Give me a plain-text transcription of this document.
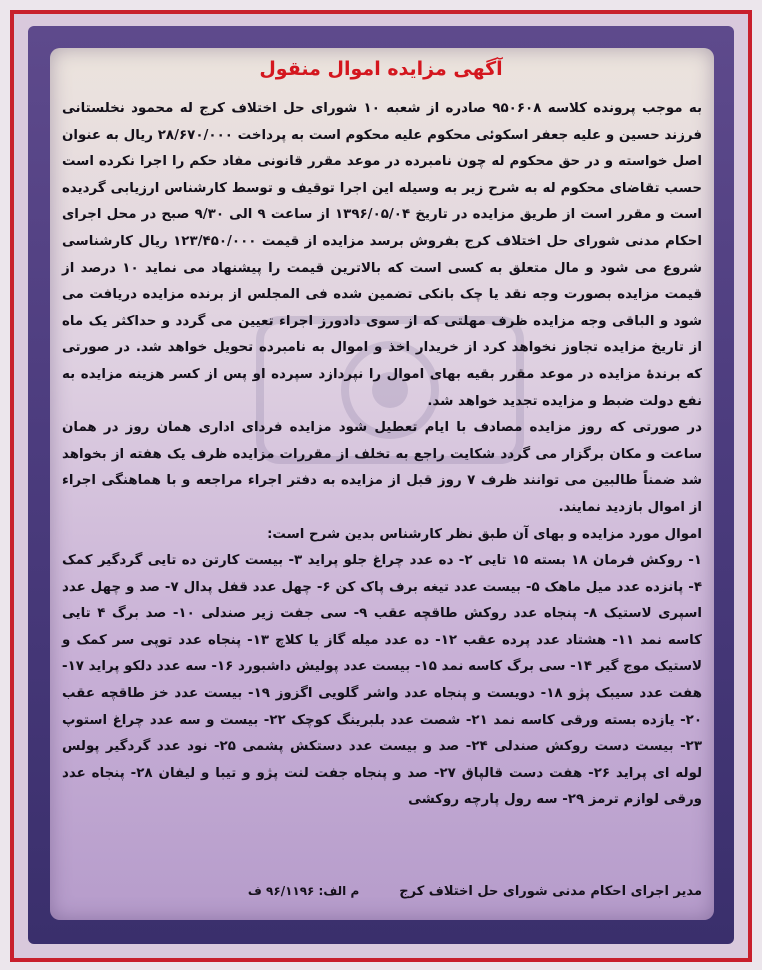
آگهی مزایده اموال منقول

به موجب پرونده کلاسه ۹۵۰۶۰۸ صادره از شعبه ۱۰ شورای حل اختلاف کرج له محمود نخلستانی فرزند حسین و علیه جعفر اسکوئی محکوم علیه محکوم است به پرداخت ۲۸/۶۷۰/۰۰۰ ریال به عنوان اصل خواسته و در حق محکوم له چون نامبرده در موعد مقرر قانونی مفاد حکم را اجرا نکرده است حسب تقاضای محکوم له به شرح زیر به وسیله این اجرا توقیف و توسط کارشناس ارزیابی گردیده است و مقرر است از طریق مزایده در تاریخ ۱۳۹۶/۰۵/۰۴ از ساعت ۹ الی ۹/۳۰ صبح در محل اجرای احکام مدنی شورای حل اختلاف کرج بفروش برسد مزایده از قیمت ۱۲۳/۴۵۰/۰۰۰ ریال کارشناسی شروع می شود و مال متعلق به کسی است که بالاترین قیمت را پیشنهاد می نماید ۱۰ درصد از قیمت مزایده بصورت وجه نقد یا چک بانکی تضمین شده فی المجلس از برنده مزایده دریافت می شود و الباقی وجه مزایده ظرف مهلتی که از سوی دادورز اجراء تعیین می گردد و حداکثر یک ماه از تاریخ مزایده تجاوز نخواهد کرد از خریدار اخذ و اموال به نامبرده تحویل خواهد شد. در صورتی که برندهٔ مزایده در موعد مقرر بقیه بهای اموال را نپردازد سپرده او پس از کسر هزینه مزایده به نفع دولت ضبط و مزایده تجدید خواهد شد.

در صورتی که روز مزایده مصادف با ایام تعطیل شود مزایده فردای اداری همان روز در همان ساعت و مکان برگزار می گردد شکایت راجع به تخلف از مقررات مزایده ظرف یک هفته از بخواهد شد ضمناً طالبین می توانند ظرف ۷ روز قبل از مزایده به دفتر اجراء مراجعه و با هماهنگی اجراء از اموال بازدید نمایند.

اموال مورد مزایده و بهای آن طبق نظر کارشناس بدین شرح است:

۱- روکش فرمان ۱۸ بسته ۱۵ تایی ۲- ده عدد چراغ جلو پراید ۳- بیست کارتن ده تایی گردگیر کمک ۴- پانزده عدد میل ماهک ۵- بیست عدد تیغه برف پاک کن ۶- چهل عدد قفل پدال ۷- صد و چهل عدد اسپری لاستیک ۸- پنجاه عدد روکش طاقچه عقب ۹- سی جفت زیر صندلی ۱۰- صد برگ ۴ تایی کاسه نمد ۱۱- هشتاد عدد پرده عقب ۱۲- ده عدد میله گاز یا کلاچ ۱۳- پنجاه عدد توپی سر کمک و لاستیک موج گیر ۱۴- سی برگ کاسه نمد ۱۵- بیست عدد پولیش داشبورد ۱۶- سه عدد دلکو پراید ۱۷- هفت عدد سیبک پژو ۱۸- دویست و پنجاه عدد واشر گلویی اگزوز ۱۹- بیست عدد خز طاقچه عقب ۲۰- یازده بسته ورقی کاسه نمد ۲۱- شصت عدد بلبرینگ کوچک ۲۲- بیست و سه عدد چراغ استوپ ۲۳- بیست دست روکش صندلی ۲۴- صد و بیست عدد دستکش پشمی ۲۵- نود عدد گردگیر پولس لوله ای پراید ۲۶- هفت دست قالپاق ۲۷- صد و پنجاه جفت لنت پژو و تیبا و لیفان ۲۸- پنجاه عدد ورقی لوازم ترمز ۲۹- سه رول پارچه روکشی

مدیر اجرای احکام مدنی شورای حل اختلاف کرج
م الف: ۹۶/۱۱۹۶ ف
